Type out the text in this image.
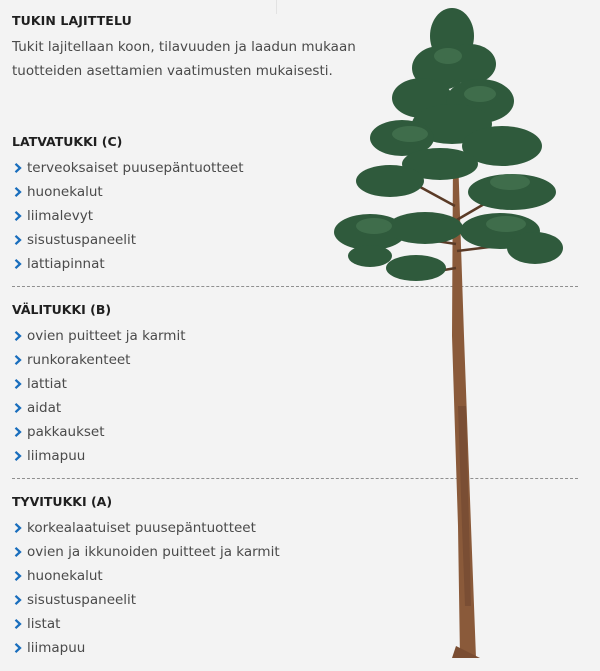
TUKIN LAJITTELU

Tukit lajitellaan koon, tilavuuden ja laadun mukaan tuotteiden asettamien vaatimusten mukaisesti.

LATVATUKKI (C)
terveoksaiset puusepäntuotteet
huonekalut
liimalevyt
sisustuspaneelit
lattiapinnat
VÄLITUKKI (B)
ovien puitteet ja karmit
runkorakenteet
lattiat
aidat
pakkaukset
liimapuu
TYVITUKKI (A)
korkealaatuiset puusepäntuotteet
ovien ja ikkunoiden puitteet ja karmit
huonekalut
sisustuspaneelit
listat
liimapuu
